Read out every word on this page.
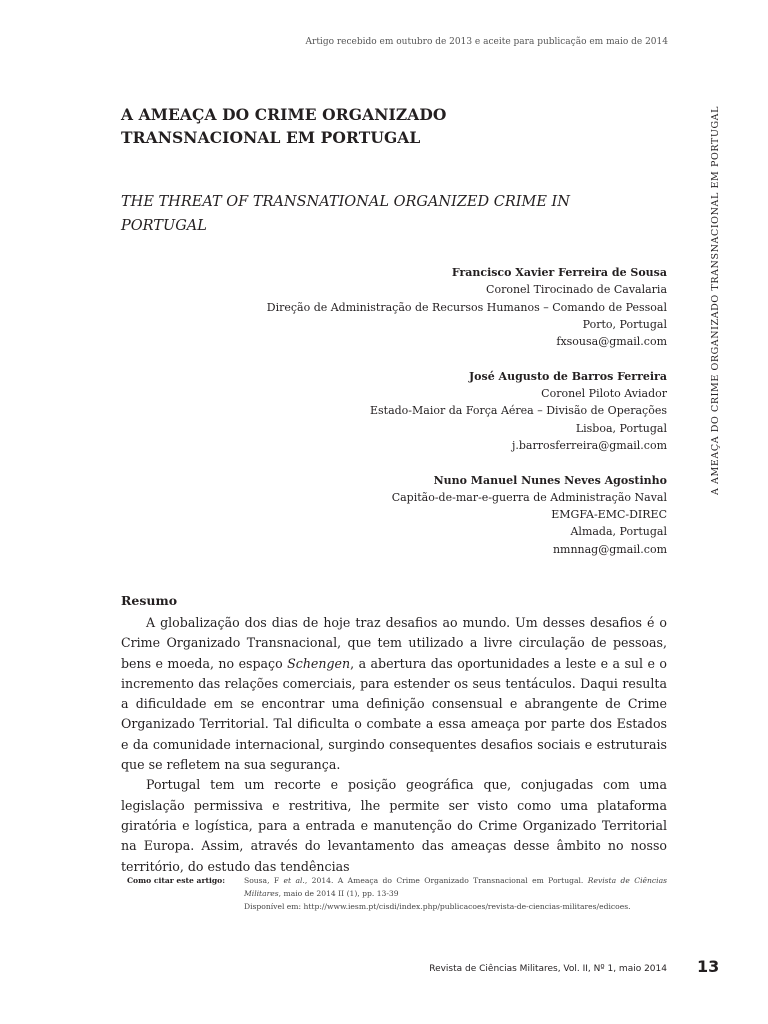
Artigo recebido em outubro de 2013 e aceite para publicação em maio de 2014
A AMEAÇA DO CRIME ORGANIZADO
TRANSNACIONAL EM PORTUGAL
THE THREAT OF TRANSNATIONAL ORGANIZED CRIME IN
PORTUGAL	A AMEAÇA DO CRIME ORGANIZADO TRANSNACIONAL EM PORTUGAL
Francisco Xavier Ferreira de Sousa
Coronel Tirocinado de Cavalaria
Direção de Administração de Recursos Humanos – Comando de Pessoal
Porto, Portugal
fxsousa@gmail.com
José Augusto de Barros Ferreira
Coronel Piloto Aviador
Estado-Maior da Força Aérea – Divisão de Operações
Lisboa, Portugal
j.barrosferreira@gmail.com
Nuno Manuel Nunes Neves Agostinho
Capitão-de-mar-e-guerra de Administração Naval
EMGFA-EMC-DIREC
Almada, Portugal
nmnnag@gmail.com
Resumo

A globalização dos dias de hoje traz desafios ao mundo. Um desses desafios é o Crime Organizado Transnacional, que tem utilizado a livre circulação de pessoas, bens e moeda, no espaço Schengen, a abertura das oportunidades a leste e a sul e o incremento das relações comerciais, para estender os seus tentáculos. Daqui resulta a dificuldade em se encontrar uma definição consensual e abrangente de Crime Organizado Territorial. Tal dificulta o combate a essa ameaça por parte dos Estados e da comunidade internacional, surgindo consequentes desafios sociais e estruturais que se refletem na sua segurança.

Portugal tem um recorte e posição geográfica que, conjugadas com uma legislação permissiva e restritiva, lhe permite ser visto como uma plataforma giratória e logística, para a entrada e manutenção do Crime Organizado Territorial na Europa. Assim, através do levantamento das ameaças desse âmbito no nosso território, do estudo das tendências

Como citar este artigo:	Sousa, F et al., 2014. A Ameaça do Crime Organizado Transnacional em Portugal. Revista de Ciências Militares, maio de 2014 II (1), pp. 13-39
Disponível em: http://www.iesm.pt/cisdi/index.php/publicacoes/revista-de-ciencias-militares/edicoes.
Revista de Ciências Militares, Vol. II, Nº 1, maio 2014 13
